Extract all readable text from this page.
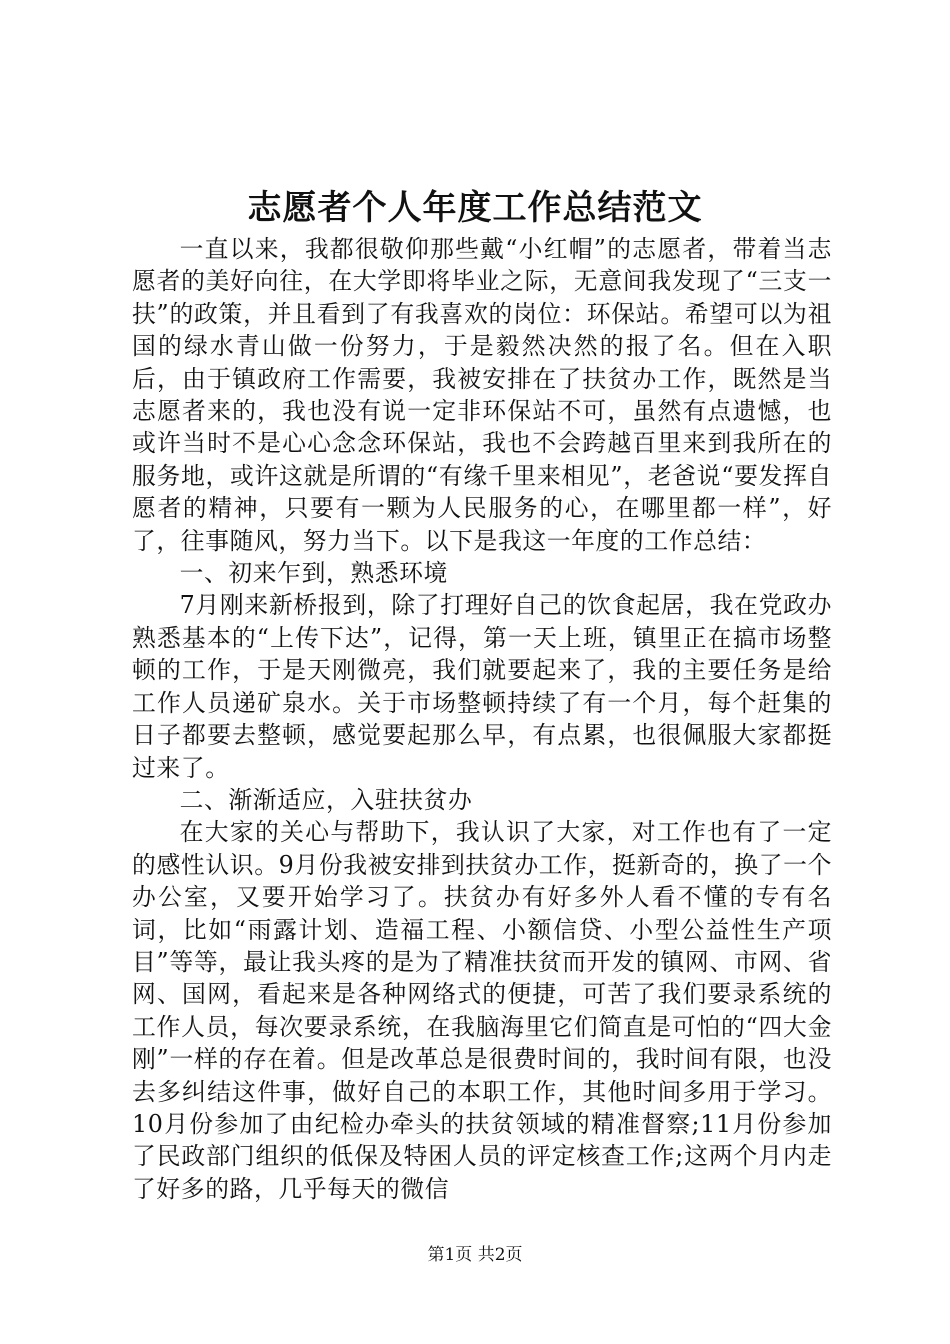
志愿者个人年度工作总结范文

一直以来，我都很敬仰那些戴“小红帽”的志愿者，带着当志愿者的美好向往，在大学即将毕业之际，无意间我发现了“三支一扶”的政策，并且看到了有我喜欢的岗位：环保站。希望可以为祖国的绿水青山做一份努力，于是毅然决然的报了名。但在入职后，由于镇政府工作需要，我被安排在了扶贫办工作，既然是当志愿者来的，我也没有说一定非环保站不可，虽然有点遗憾，也或许当时不是心心念念环保站，我也不会跨越百里来到我所在的服务地，或许这就是所谓的“有缘千里来相见”，老爸说“要发挥自愿者的精神，只要有一颗为人民服务的心，在哪里都一样”，好了，往事随风，努力当下。以下是我这一年度的工作总结：

一、初来乍到，熟悉环境

7月刚来新桥报到，除了打理好自己的饮食起居，我在党政办熟悉基本的“上传下达”，记得，第一天上班，镇里正在搞市场整顿的工作，于是天刚微亮，我们就要起来了，我的主要任务是给工作人员递矿泉水。关于市场整顿持续了有一个月，每个赶集的日子都要去整顿，感觉要起那么早，有点累，也很佩服大家都挺过来了。

二、渐渐适应，入驻扶贫办

在大家的关心与帮助下，我认识了大家，对工作也有了一定的感性认识。9月份我被安排到扶贫办工作，挺新奇的，换了一个办公室，又要开始学习了。扶贫办有好多外人看不懂的专有名词，比如“雨露计划、造福工程、小额信贷、小型公益性生产项目”等等，最让我头疼的是为了精准扶贫而开发的镇网、市网、省网、国网，看起来是各种网络式的便捷，可苦了我们要录系统的工作人员，每次要录系统，在我脑海里它们简直是可怕的“四大金刚”一样的存在着。但是改革总是很费时间的，我时间有限，也没去多纠结这件事，做好自己的本职工作，其他时间多用于学习。10月份参加了由纪检办牵头的扶贫领域的精准督察;11月份参加了民政部门组织的低保及特困人员的评定核查工作;这两个月内走了好多的路，几乎每天的微信

第1页 共2页
